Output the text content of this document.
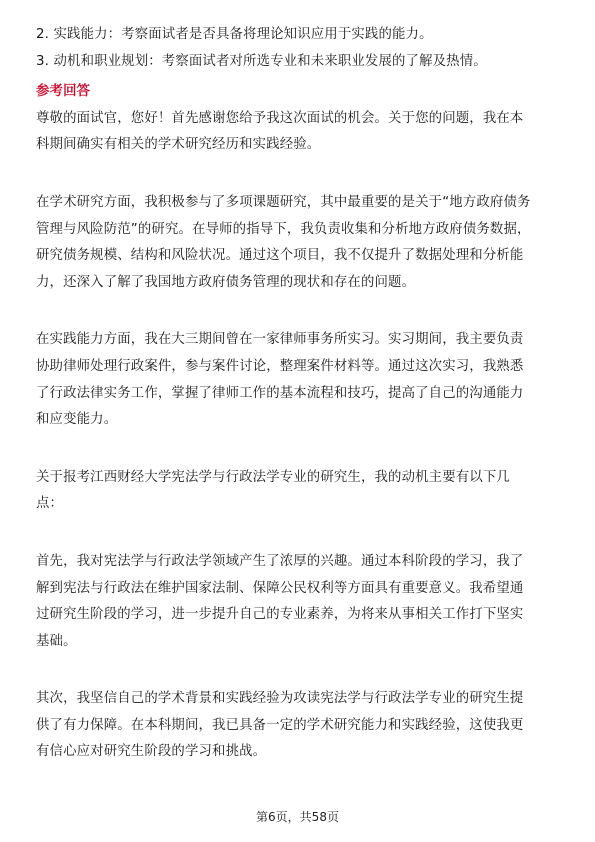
2. 实践能力：考察面试者是否具备将理论知识应用于实践的能力。
3. 动机和职业规划：考察面试者对所选专业和未来职业发展的了解及热情。
参考回答
尊敬的面试官，您好！首先感谢您给予我这次面试的机会。关于您的问题，我在本
科期间确实有相关的学术研究经历和实践经验。
在学术研究方面，我积极参与了多项课题研究，其中最重要的是关于“地方政府债务
管理与风险防范”的研究。在导师的指导下，我负责收集和分析地方政府债务数据，
研究债务规模、结构和风险状况。通过这个项目，我不仅提升了数据处理和分析能
力，还深入了解了我国地方政府债务管理的现状和存在的问题。
在实践能力方面，我在大三期间曾在一家律师事务所实习。实习期间，我主要负责
协助律师处理行政案件，参与案件讨论，整理案件材料等。通过这次实习，我熟悉
了行政法律实务工作，掌握了律师工作的基本流程和技巧，提高了自己的沟通能力
和应变能力。
关于报考江西财经大学宪法学与行政法学专业的研究生，我的动机主要有以下几
点：
首先，我对宪法学与行政法学领域产生了浓厚的兴趣。通过本科阶段的学习，我了
解到宪法与行政法在维护国家法制、保障公民权利等方面具有重要意义。我希望通
过研究生阶段的学习，进一步提升自己的专业素养，为将来从事相关工作打下坚实
基础。
其次，我坚信自己的学术背景和实践经验为攻读宪法学与行政法学专业的研究生提
供了有力保障。在本科期间，我已具备一定的学术研究能力和实践经验，这使我更
有信心应对研究生阶段的学习和挑战。
第6页，共58页
